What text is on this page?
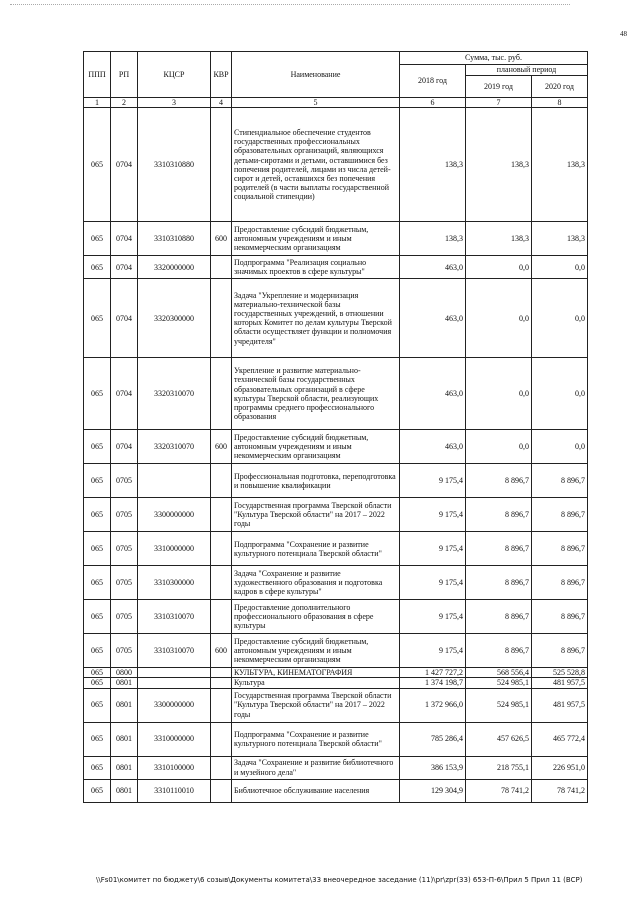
48
ППП	РП	КЦСР	КВР	Наименование	Сумма, тыс. руб.		
					2018 год	плановый период	
						2019 год	2020 год
1	2	3	4	5	6	7	8
065	0704	3310310880		Стипендиальное обеспечение студентов государственных профессиональных образовательных организаций, являющихся детьми-сиротами и детьми, оставшимися без попечения родителей, лицами из числа детей-сирот и детей, оставшихся без попечения родителей (в части выплаты государственной социальной стипендии)	138,3	138,3	138,3
065	0704	3310310880	600	Предоставление субсидий бюджетным, автономным учреждениям и иным некоммерческим организациям	138,3	138,3	138,3
065	0704	3320000000		Подпрограмма "Реализация социально значимых проектов в сфере культуры"	463,0	0,0	0,0
065	0704	3320300000		Задача "Укрепление и модернизация материально-технической базы государственных учреждений, в отношении которых Комитет по делам культуры Тверской области осуществляет функции и полномочия учредителя"	463,0	0,0	0,0
065	0704	3320310070		Укрепление и развитие материально-технической базы государственных образовательных организаций в сфере культуры Тверской области, реализующих программы среднего профессионального образования	463,0	0,0	0,0
065	0704	3320310070	600	Предоставление субсидий бюджетным, автономным учреждениям и иным некоммерческим организациям	463,0	0,0	0,0
065	0705			Профессиональная подготовка, переподготовка и повышение квалификации	9 175,4	8 896,7	8 896,7
065	0705	3300000000		Государственная программа Тверской области "Культура Тверской области" на 2017 – 2022 годы	9 175,4	8 896,7	8 896,7
065	0705	3310000000		Подпрограмма "Сохранение и развитие культурного потенциала Тверской области"	9 175,4	8 896,7	8 896,7
065	0705	3310300000		Задача "Сохранение и развитие художественного образования и подготовка кадров в сфере культуры"	9 175,4	8 896,7	8 896,7
065	0705	3310310070		Предоставление дополнительного профессионального образования в сфере культуры	9 175,4	8 896,7	8 896,7
065	0705	3310310070	600	Предоставление субсидий бюджетным, автономным учреждениям и иным некоммерческим организациям	9 175,4	8 896,7	8 896,7
065	0800			КУЛЬТУРА, КИНЕМАТОГРАФИЯ	1 427 727,2	568 556,4	525 528,8
065	0801			Культура	1 374 198,7	524 985,1	481 957,5
065	0801	3300000000		Государственная программа Тверской области "Культура Тверской области" на 2017 – 2022 годы	1 372 966,0	524 985,1	481 957,5
065	0801	3310000000		Подпрограмма "Сохранение и развитие культурного потенциала Тверской области"	785 286,4	457 626,5	465 772,4
065	0801	3310100000		Задача "Сохранение и развитие библиотечного и музейного дела"	386 153,9	218 755,1	226 951,0
065	0801	3310110010		Библиотечное обслуживание населения	129 304,9	78 741,2	78 741,2
\\Fs01\комитет по бюджету\6 созыв\Документы комитета\33 внеочередное заседание (11)\pr\zpr(33) 653-П-6\Прил 5 Прил 11 (ВСР)
